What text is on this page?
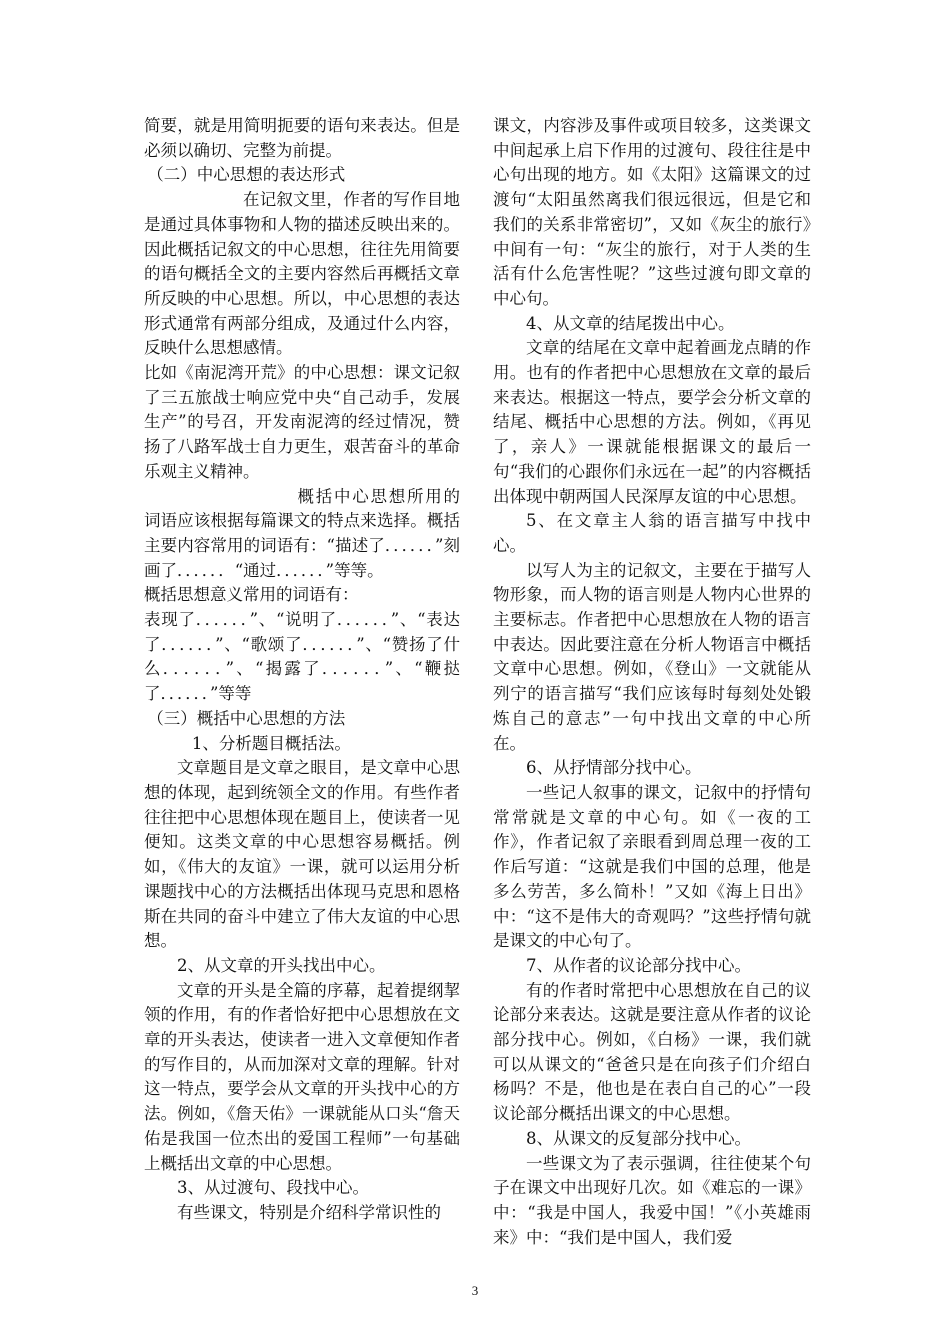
简要，就是用简明扼要的语句来表达。但是必须以确切、完整为前提。

（二）中心思想的表达形式

在记叙文里，作者的写作目地是通过具体事物和人物的描述反映出来的。因此概括记叙文的中心思想，往往先用简要的语句概括全文的主要内容然后再概括文章所反映的中心思想。所以，中心思想的表达形式通常有两部分组成，及通过什么内容，反映什么思想感情。

比如《南泥湾开荒》的中心思想：课文记叙了三五旅战士响应党中央“自己动手，发展生产”的号召，开发南泥湾的经过情况，赞扬了八路军战士自力更生，艰苦奋斗的革命乐观主义精神。

概括中心思想所用的词语应该根据每篇课文的特点来选择。概括主要内容常用的词语有：“描述了．．．．．．”刻画了．．．．．．“通过．．．．．．”等等。

概括思想意义常用的词语有：

表现了．．．．．．”、“说明了．．．．．．”、“表达了．．．．．．”、“歌颂了．．．．．．”、“赞扬了什么．．．．．．”、“揭露了．．．．．．”、“鞭挞 了．．．．．．”等等

（三）概括中心思想的方法

1、分析题目概括法。

文章题目是文章之眼目，是文章中心思想的体现，起到统领全文的作用。有些作者往往把中心思想体现在题目上，使读者一见便知。这类文章的中心思想容易概括。例如，《伟大的友谊》一课，就可以运用分析课题找中心的方法概括出体现马克思和恩格斯在共同的奋斗中建立了伟大友谊的中心思想。

2、从文章的开头找出中心。

文章的开头是全篇的序幕，起着提纲挈领的作用，有的作者恰好把中心思想放在文章的开头表达，使读者一进入文章便知作者的写作目的，从而加深对文章的理解。针对这一特点，要学会从文章的开头找中心的方法。例如，《詹天佑》一课就能从口头“詹天佑是我国一位杰出的爱国工程师”一句基础上概括出文章的中心思想。

3、从过渡句、段找中心。

有些课文，特别是介绍科学常识性的

课文，内容涉及事件或项目较多，这类课文中间起承上启下作用的过渡句、段往往是中心句出现的地方。如《太阳》这篇课文的过渡句“太阳虽然离我们很远很远，但是它和我们的关系非常密切”，又如《灰尘的旅行》中间有一句：“灰尘的旅行，对于人类的生活有什么危害性呢？”这些过渡句即文章的中心句。

4、从文章的结尾拨出中心。

文章的结尾在文章中起着画龙点睛的作用。也有的作者把中心思想放在文章的最后来表达。根据这一特点，要学会分析文章的结尾、概括中心思想的方法。例如，《再见了，亲人》一课就能根据课文的最后一句“我们的心跟你们永远在一起”的内容概括出体现中朝两国人民深厚友谊的中心思想。

5、在文章主人翁的语言描写中找中心。

以写人为主的记叙文，主要在于描写人物形象，而人物的语言则是人物内心世界的主要标志。作者把中心思想放在人物的语言中表达。因此要注意在分析人物语言中概括文章中心思想。例如，《登山》一文就能从列宁的语言描写“我们应该每时每刻处处锻炼自己的意志”一句中找出文章的中心所在。

6、从抒情部分找中心。

一些记人叙事的课文，记叙中的抒情句常常就是文章的中心句。如《一夜的工作》，作者记叙了亲眼看到周总理一夜的工作后写道：“这就是我们中国的总理，他是多么劳苦，多么简朴！”又如《海上日出》中：“这不是伟大的奇观吗？”这些抒情句就是课文的中心句了。

7、从作者的议论部分找中心。

有的作者时常把中心思想放在自己的议论部分来表达。这就是要注意从作者的议论部分找中心。例如，《白杨》一课，我们就可以从课文的“爸爸只是在向孩子们介绍白杨吗？不是，他也是在表白自己的心”一段议论部分概括出课文的中心思想。

8、从课文的反复部分找中心。

一些课文为了表示强调，往往使某个句子在课文中出现好几次。如《难忘的一课》中：“我是中国人，我爱中国！”《小英雄雨来》中：“我们是中国人，我们爱

3
